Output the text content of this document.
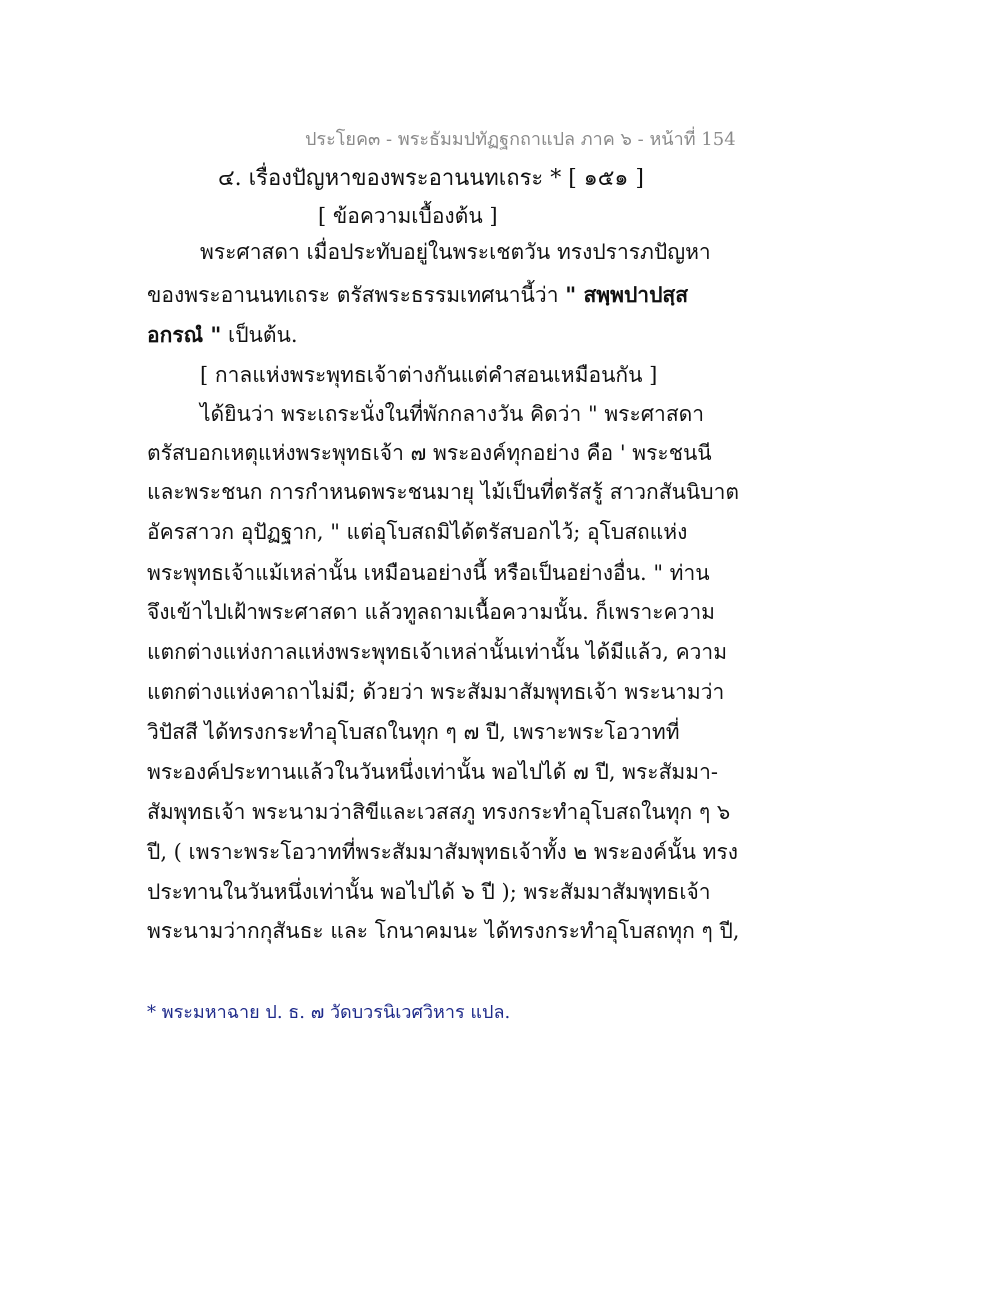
ประโยค๓ - พระธัมมปทัฏฐกถาแปล ภาค ๖ - หน้าที่ 154
๔. เรื่องปัญหาของพระอานนทเถระ * [ ๑๕๑ ]
[ ข้อความเบื้องต้น ]
พระศาสดา เมื่อประทับอยู่ในพระเชตวัน ทรงปรารภปัญหา
ของพระอานนทเถระ ตรัสพระธรรมเทศนานี้ว่า " สพฺพปาปสฺส
อกรณํ " เป็นต้น.
[ กาลแห่งพระพุทธเจ้าต่างกันแต่คำสอนเหมือนกัน ]
ได้ยินว่า พระเถระนั่งในที่พักกลางวัน คิดว่า " พระศาสดา
ตรัสบอกเหตุแห่งพระพุทธเจ้า ๗ พระองค์ทุกอย่าง คือ ' พระชนนี
และพระชนก การกำหนดพระชนมายุ ไม้เป็นที่ตรัสรู้ สาวกสันนิบาต
อัครสาวก อุปัฏฐาก, " แต่อุโบสถมิได้ตรัสบอกไว้; อุโบสถแห่ง
พระพุทธเจ้าแม้เหล่านั้น เหมือนอย่างนี้ หรือเป็นอย่างอื่น. " ท่าน
จึงเข้าไปเฝ้าพระศาสดา แล้วทูลถามเนื้อความนั้น. ก็เพราะความ
แตกต่างแห่งกาลแห่งพระพุทธเจ้าเหล่านั้นเท่านั้น ได้มีแล้ว, ความ
แตกต่างแห่งคาถาไม่มี; ด้วยว่า พระสัมมาสัมพุทธเจ้า พระนามว่า
วิปัสสี ได้ทรงกระทำอุโบสถในทุก ๆ ๗ ปี, เพราะพระโอวาทที่
พระองค์ประทานแล้วในวันหนึ่งเท่านั้น พอไปได้ ๗ ปี, พระสัมมา-
สัมพุทธเจ้า พระนามว่าสิขีและเวสสภู ทรงกระทำอุโบสถในทุก ๆ ๖
ปี, ( เพราะพระโอวาทที่พระสัมมาสัมพุทธเจ้าทั้ง ๒ พระองค์นั้น ทรง
ประทานในวันหนึ่งเท่านั้น พอไปได้ ๖ ปี ); พระสัมมาสัมพุทธเจ้า
พระนามว่ากกุสันธะ และ โกนาคมนะ ได้ทรงกระทำอุโบสถทุก ๆ ปี,
* พระมหาฉาย ป. ธ. ๗ วัดบวรนิเวศวิหาร แปล.
